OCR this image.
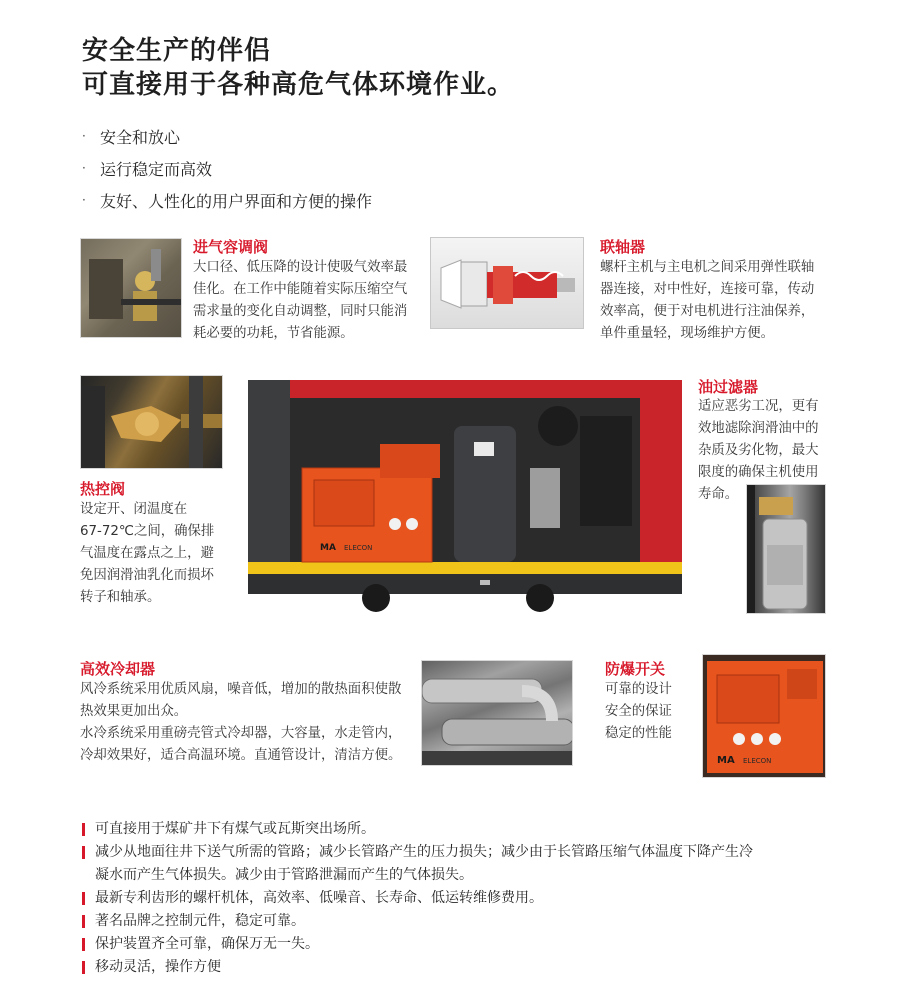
安全生产的伴侣
可直接用于各种高危气体环境作业。
· 安全和放心
· 运行稳定而高效
· 友好、人性化的用户界面和方便的操作
进气容调阀
大口径、低压降的设计使吸气效率最
佳化。在工作中能随着实际压缩空气
需求量的变化自动调整，同时只能消
耗必要的功耗，节省能源。
联轴器
螺杆主机与主电机之间采用弹性联轴
器连接，对中性好，连接可靠，传动
效率高，便于对电机进行注油保养，
单件重量轻，现场维护方便。
热控阀
设定开、闭温度在
67-72℃之间，确保排
气温度在露点之上，避
免因润滑油乳化而损坏
转子和轴承。
MA ELECON
油过滤器
适应恶劣工况，更有
效地滤除润滑油中的
杂质及劣化物，最大
限度的确保主机使用
寿命。
高效冷却器
风冷系统采用优质风扇，噪音低，增加的散热面积使散
热效果更加出众。
水冷系统采用重磅壳管式冷却器，大容量，水走管内，
冷却效果好，适合高温环境。直通管设计，清洁方便。
防爆开关
可靠的设计
安全的保证
稳定的性能
MA ELECON
可直接用于煤矿井下有煤气或瓦斯突出场所。
减少从地面往井下送气所需的管路；减少长管路产生的压力损失；减少由于长管路压缩气体温度下降产生冷
凝水而产生气体损失。减少由于管路泄漏而产生的气体损失。
最新专利齿形的螺杆机体，高效率、低噪音、长寿命、低运转维修费用。
著名品牌之控制元件，稳定可靠。
保护装置齐全可靠，确保万无一失。
移动灵活，操作方便
